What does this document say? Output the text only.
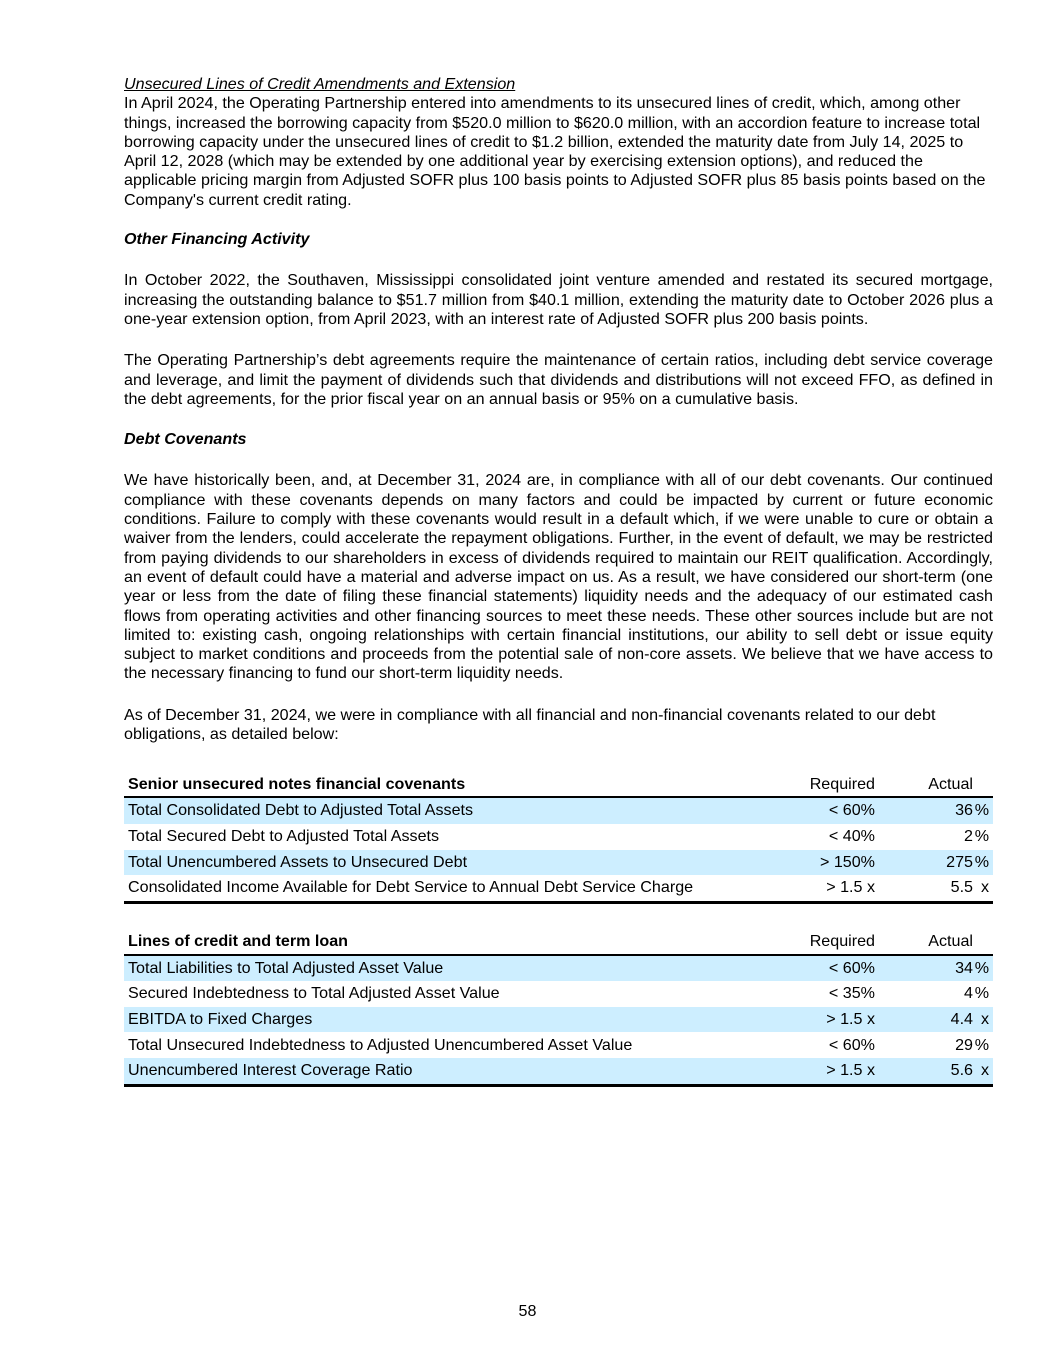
Unsecured Lines of Credit Amendments and Extension

In April 2024, the Operating Partnership entered into amendments to its unsecured lines of credit, which, among other things, increased the borrowing capacity from $520.0 million to $620.0 million, with an accordion feature to increase total borrowing capacity under the unsecured lines of credit to $1.2 billion, extended the maturity date from July 14, 2025 to April 12, 2028 (which may be extended by one additional year by exercising extension options), and reduced the applicable pricing margin from Adjusted SOFR plus 100 basis points to Adjusted SOFR plus 85 basis points based on the Company's current credit rating.

Other Financing Activity

In October 2022, the Southaven, Mississippi consolidated joint venture amended and restated its secured mortgage, increasing the outstanding balance to $51.7 million from $40.1 million, extending the maturity date to October 2026 plus a one-year extension option, from April 2023, with an interest rate of Adjusted SOFR plus 200 basis points.

The Operating Partnership’s debt agreements require the maintenance of certain ratios, including debt service coverage and leverage, and limit the payment of dividends such that dividends and distributions will not exceed FFO, as defined in the debt agreements, for the prior fiscal year on an annual basis or 95% on a cumulative basis.

Debt Covenants

We have historically been, and, at December 31, 2024 are, in compliance with all of our debt covenants. Our continued compliance with these covenants depends on many factors and could be impacted by current or future economic conditions. Failure to comply with these covenants would result in a default which, if we were unable to cure or obtain a waiver from the lenders, could accelerate the repayment obligations. Further, in the event of default, we may be restricted from paying dividends to our shareholders in excess of dividends required to maintain our REIT qualification. Accordingly, an event of default could have a material and adverse impact on us. As a result, we have considered our short-term (one year or less from the date of filing these financial statements) liquidity needs and the adequacy of our estimated cash flows from operating activities and other financing sources to meet these needs. These other sources include but are not limited to: existing cash, ongoing relationships with certain financial institutions, our ability to sell debt or issue equity subject to market conditions and proceeds from the potential sale of non-core assets. We believe that we have access to the necessary financing to fund our short-term liquidity needs.

As of December 31, 2024, we were in compliance with all financial and non-financial covenants related to our debt obligations, as detailed below:

Senior unsecured notes financial covenants	Required	Actual
Total Consolidated Debt to Adjusted Total Assets	< 60%	36 %
Total Secured Debt to Adjusted Total Assets	< 40%	2 %
Total Unencumbered Assets to Unsecured Debt	> 150%	275 %
Consolidated Income Available for Debt Service to Annual Debt Service Charge	> 1.5 x	5.5 x
Lines of credit and term loan	Required	Actual
Total Liabilities to Total Adjusted Asset Value	< 60%	34 %
Secured Indebtedness to Total Adjusted Asset Value	< 35%	4 %
EBITDA to Fixed Charges	> 1.5 x	4.4 x
Total Unsecured Indebtedness to Adjusted Unencumbered Asset Value	< 60%	29 %
Unencumbered Interest Coverage Ratio	> 1.5 x	5.6 x
58
